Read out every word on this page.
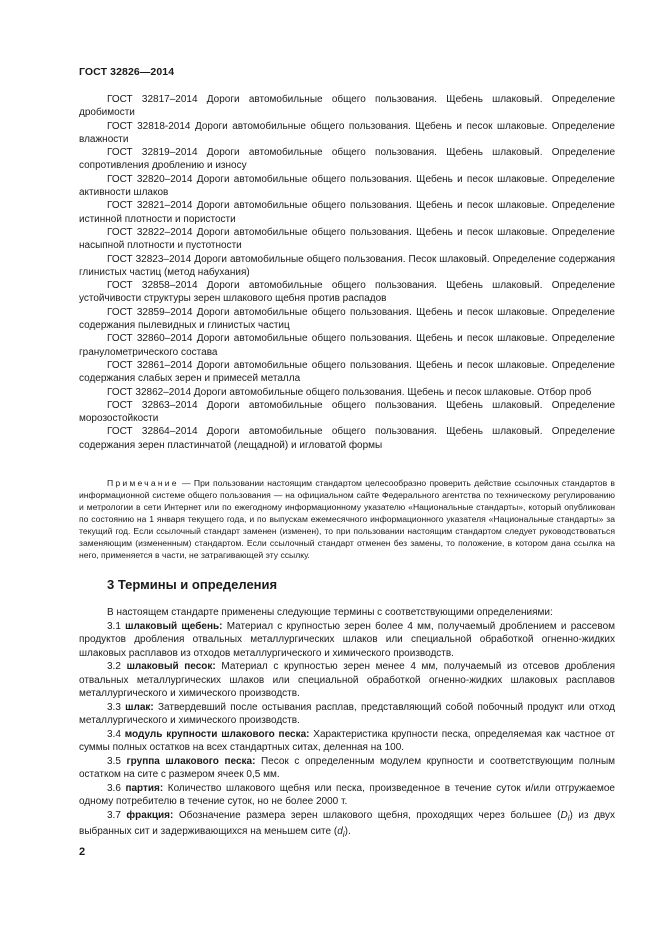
ГОСТ 32826—2014

ГОСТ 32817–2014 Дороги автомобильные общего пользования. Щебень шлаковый. Определение дробимости

ГОСТ 32818-2014 Дороги автомобильные общего пользования. Щебень и песок шлаковые. Определение влажности

ГОСТ 32819–2014 Дороги автомобильные общего пользования. Щебень шлаковый. Определение сопротивления дроблению и износу

ГОСТ 32820–2014 Дороги автомобильные общего пользования. Щебень и песок шлаковые. Определение активности шлаков

ГОСТ 32821–2014 Дороги автомобильные общего пользования. Щебень и песок шлаковые. Определение истинной плотности и пористости

ГОСТ 32822–2014 Дороги автомобильные общего пользования. Щебень и песок шлаковые. Определение насыпной плотности и пустотности

ГОСТ 32823–2014 Дороги автомобильные общего пользования. Песок шлаковый. Определение содержания глинистых частиц (метод набухания)

ГОСТ 32858–2014 Дороги автомобильные общего пользования. Щебень шлаковый. Определение устойчивости структуры зерен шлакового щебня против распадов

ГОСТ 32859–2014 Дороги автомобильные общего пользования. Щебень и песок шлаковые. Определение содержания пылевидных и глинистых частиц

ГОСТ 32860–2014 Дороги автомобильные общего пользования. Щебень и песок шлаковые. Определение гранулометрического состава

ГОСТ 32861–2014 Дороги автомобильные общего пользования. Щебень и песок шлаковые. Определение содержания слабых зерен и примесей металла

ГОСТ 32862–2014 Дороги автомобильные общего пользования. Щебень и песок шлаковые. Отбор проб

ГОСТ 32863–2014 Дороги автомобильные общего пользования. Щебень шлаковый. Определение морозостойкости

ГОСТ 32864–2014 Дороги автомобильные общего пользования. Щебень шлаковый. Определение содержания зерен пластинчатой (лещадной) и игловатой формы

Примечание — При пользовании настоящим стандартом целесообразно проверить действие ссылочных стандартов в информационной системе общего пользования — на официальном сайте Федерального агентства по техническому регулированию и метрологии в сети Интернет или по ежегодному информационному указателю «Национальные стандарты», который опубликован по состоянию на 1 января текущего года, и по выпускам ежемесячного информационного указателя «Национальные стандарты» за текущий год. Если ссылочный стандарт заменен (изменен), то при пользовании настоящим стандартом следует руководствоваться заменяющим (измененным) стандартом. Если ссылочный стандарт отменен без замены, то положение, в котором дана ссылка на него, применяется в части, не затрагивающей эту ссылку.
3 Термины и определения

В настоящем стандарте применены следующие термины с соответствующими определениями:

3.1 шлаковый щебень: Материал с крупностью зерен более 4 мм, получаемый дроблением и рассевом продуктов дробления отвальных металлургических шлаков или специальной обработкой огненно-жидких шлаковых расплавов из отходов металлургического и химического производств.

3.2 шлаковый песок: Материал с крупностью зерен менее 4 мм, получаемый из отсевов дробления отвальных металлургических шлаков или специальной обработкой огненно-жидких шлаковых расплавов металлургического и химического производств.

3.3 шлак: Затвердевший после остывания расплав, представляющий собой побочный продукт или отход металлургического и химического производств.

3.4 модуль крупности шлакового песка: Характеристика крупности песка, определяемая как частное от суммы полных остатков на всех стандартных ситах, деленная на 100.

3.5 группа шлакового песка: Песок с определенным модулем крупности и соответствующим полным остатком на сите с размером ячеек 0,5 мм.

3.6 партия: Количество шлакового щебня или песка, произведенное в течение суток и/или отгружаемое одному потребителю в течение суток, но не более 2000 т.

3.7 фракция: Обозначение размера зерен шлакового щебня, проходящих через большее $(D_i)$ из двух выбранных сит и задерживающихся на меньшем сите $(d_i)$.

2
